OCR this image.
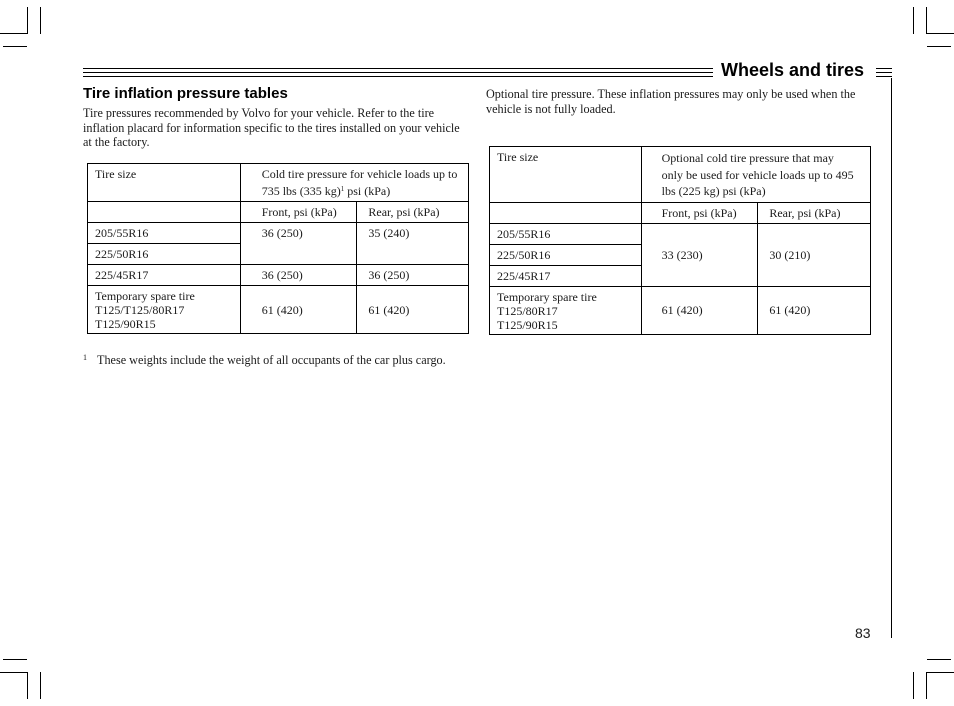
Wheels and tires
Tire inflation pressure tables
Tire pressures recommended by Volvo for your vehicle. Refer to the tire inflation placard for information specific to the tires installed on your vehicle at the factory.
Tire size	Cold tire pressure for vehicle loads up to 735 lbs (335 kg)$^1$ psi (kPa)	
	Front, psi (kPa)	Rear, psi (kPa)
205/55R16	36 (250)	35 (240)
225/50R16		
225/45R17	36 (250)	36 (250)

Temporary spare tire
T125/T125/80R17
T125/90R15	61 (420)	61 (420)
1 These weights include the weight of all occupants of the car plus cargo.
Optional tire pressure. These inflation pressures may only be used when the vehicle is not fully loaded.
Tire size	Optional cold tire pressure that may only be used for vehicle loads up to 495 lbs (225 kg) psi (kPa)	
	Front, psi (kPa)	Rear, psi (kPa)
205/55R16	33 (230)	30 (210)
225/50R16		
225/45R17		

Temporary spare tire
T125/80R17
T125/90R15	61 (420)	61 (420)
83
